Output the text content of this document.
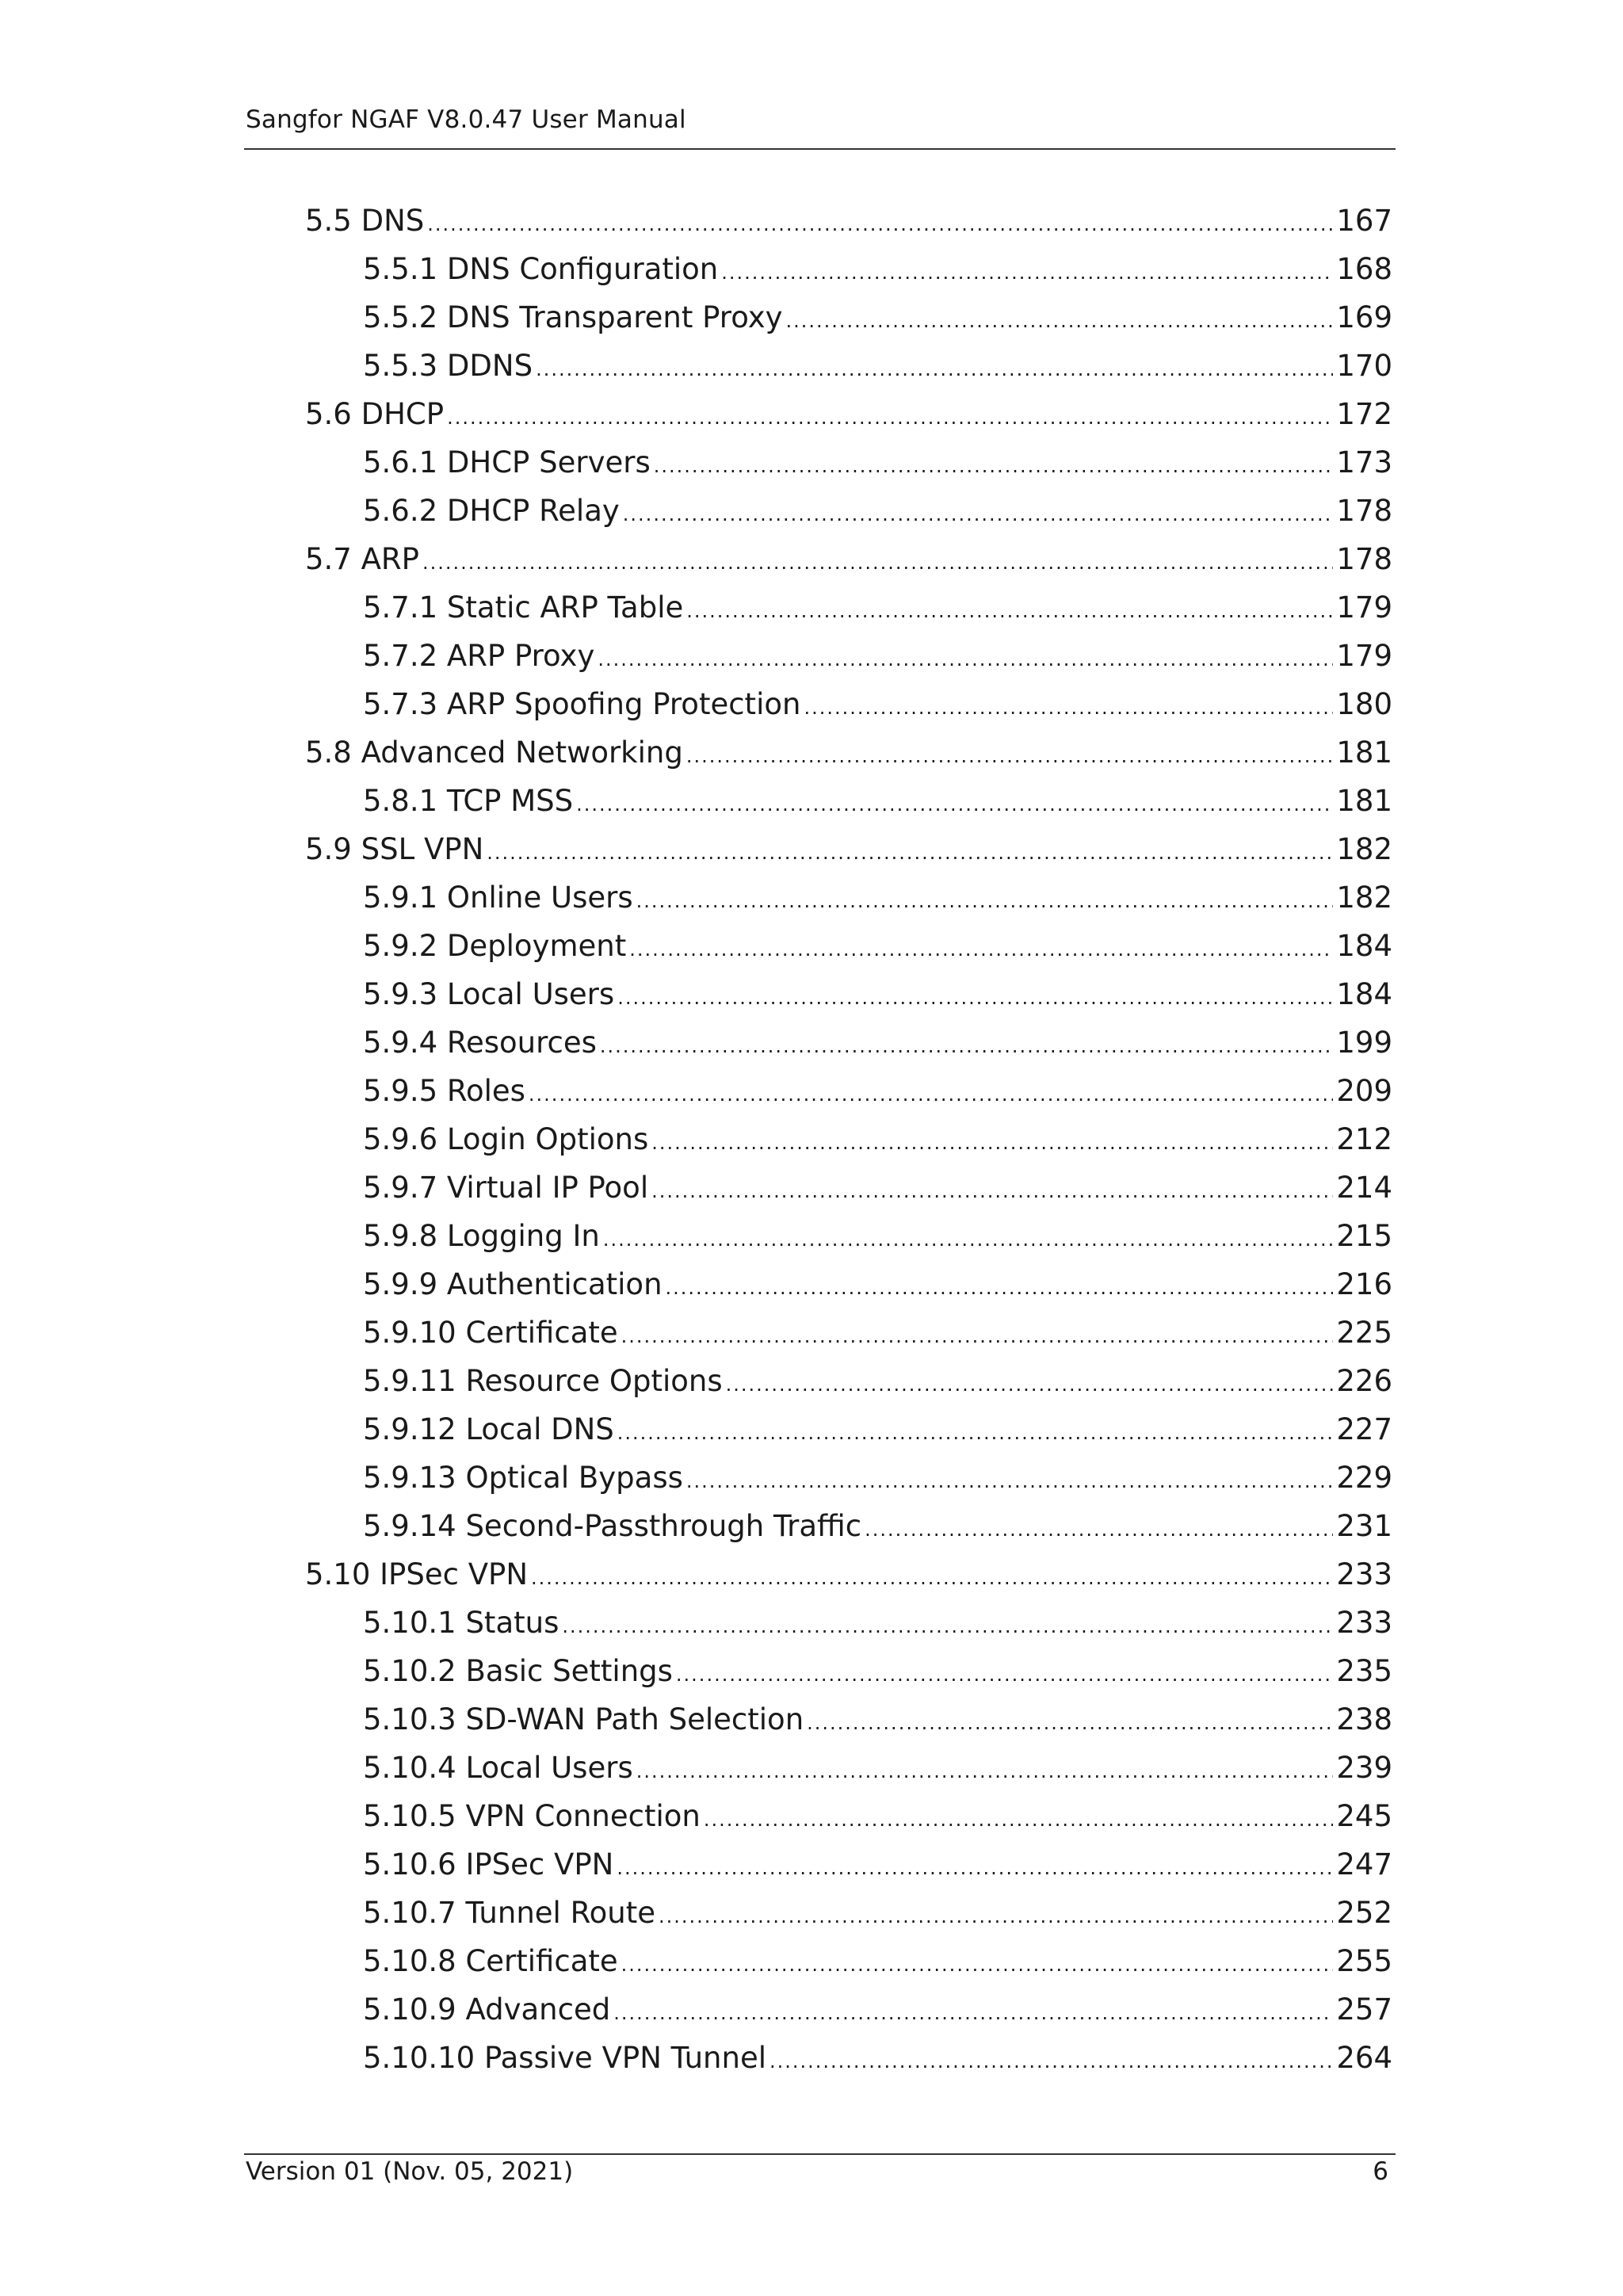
Sangfor NGAF V8.0.47 User Manual
5.5 DNS .....	167
5.5.1 DNS Configuration .....	168
5.5.2 DNS Transparent Proxy .....	169
5.5.3 DDNS .....	170
5.6 DHCP .....	172
5.6.1 DHCP Servers .....	173
5.6.2 DHCP Relay .....	178
5.7 ARP .....	178
5.7.1 Static ARP Table .....	179
5.7.2 ARP Proxy .....	179
5.7.3 ARP Spoofing Protection .....	180
5.8 Advanced Networking .....	181
5.8.1 TCP MSS .....	181
5.9 SSL VPN .....	182
5.9.1 Online Users .....	182
5.9.2 Deployment .....	184
5.9.3 Local Users .....	184
5.9.4 Resources .....	199
5.9.5 Roles .....	209
5.9.6 Login Options .....	212
5.9.7 Virtual IP Pool .....	214
5.9.8 Logging In .....	215
5.9.9 Authentication .....	216
5.9.10 Certificate .....	225
5.9.11 Resource Options .....	226
5.9.12 Local DNS .....	227
5.9.13 Optical Bypass .....	229
5.9.14 Second-Passthrough Traffic .....	231
5.10 IPSec VPN .....	233
5.10.1 Status .....	233
5.10.2 Basic Settings .....	235
5.10.3 SD-WAN Path Selection .....	238
5.10.4 Local Users .....	239
5.10.5 VPN Connection .....	245
5.10.6 IPSec VPN .....	247
5.10.7 Tunnel Route .....	252
5.10.8 Certificate .....	255
5.10.9 Advanced .....	257
5.10.10 Passive VPN Tunnel .....	264
Version 01 (Nov. 05, 2021)	6
